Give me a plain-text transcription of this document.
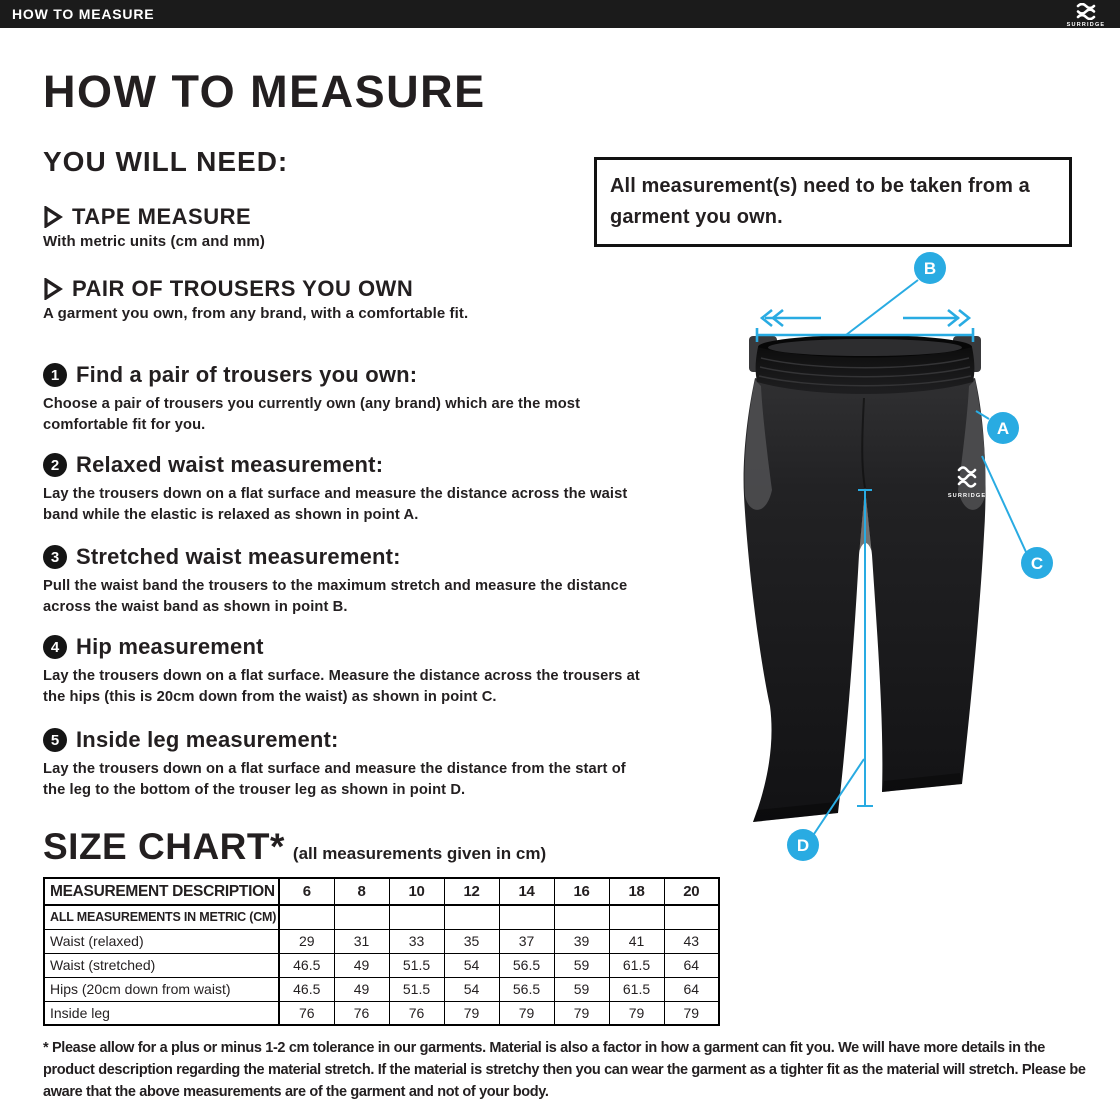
HOW TO MEASURE
SURRIDGE
HOW TO MEASURE
YOU WILL NEED:
TAPE MEASURE
With metric units (cm and mm)
PAIR OF TROUSERS YOU OWN
A garment you own, from any brand, with a comfortable fit.

All measurement(s) need to be taken from a garment you own.

1 Find a pair of trousers you own:

Choose a pair of trousers you currently own (any brand) which are the most comfortable fit for you.

2 Relaxed waist measurement:

Lay the trousers down on a flat surface and measure the distance across the waist band while the elastic is relaxed as shown in point A.

3 Stretched waist measurement:

Pull the waist band the trousers to the maximum stretch and measure the distance across the waist band as shown in point B.

4 Hip measurement

Lay the trousers down on a flat surface. Measure the distance across the trousers at the hips (this is 20cm down from the waist) as shown in point C.

5 Inside leg measurement:

Lay the trousers down on a flat surface and measure the distance from the start of the leg to the bottom of the trouser leg as shown in point D.

SIZE CHART* (all measurements given in cm)
MEASUREMENT DESCRIPTION	6	8	10	12	14	16	18	20
ALL MEASUREMENTS IN METRIC (CM)								
Waist (relaxed)	29	31	33	35	37	39	41	43
Waist (stretched)	46.5	49	51.5	54	56.5	59	61.5	64
Hips (20cm down from waist)	46.5	49	51.5	54	56.5	59	61.5	64
Inside leg	76	76	76	79	79	79	79	79

* Please allow for a plus or minus 1-2 cm tolerance in our garments. Material is also a factor in how a garment can fit you. We will have more details in the product description regarding the material stretch. If the material is stretchy then you can wear the garment as a tighter fit as the material will stretch. Please be aware that the above measurements are of the garment and not of your body.

SURRIDGE
A
B
C
D
